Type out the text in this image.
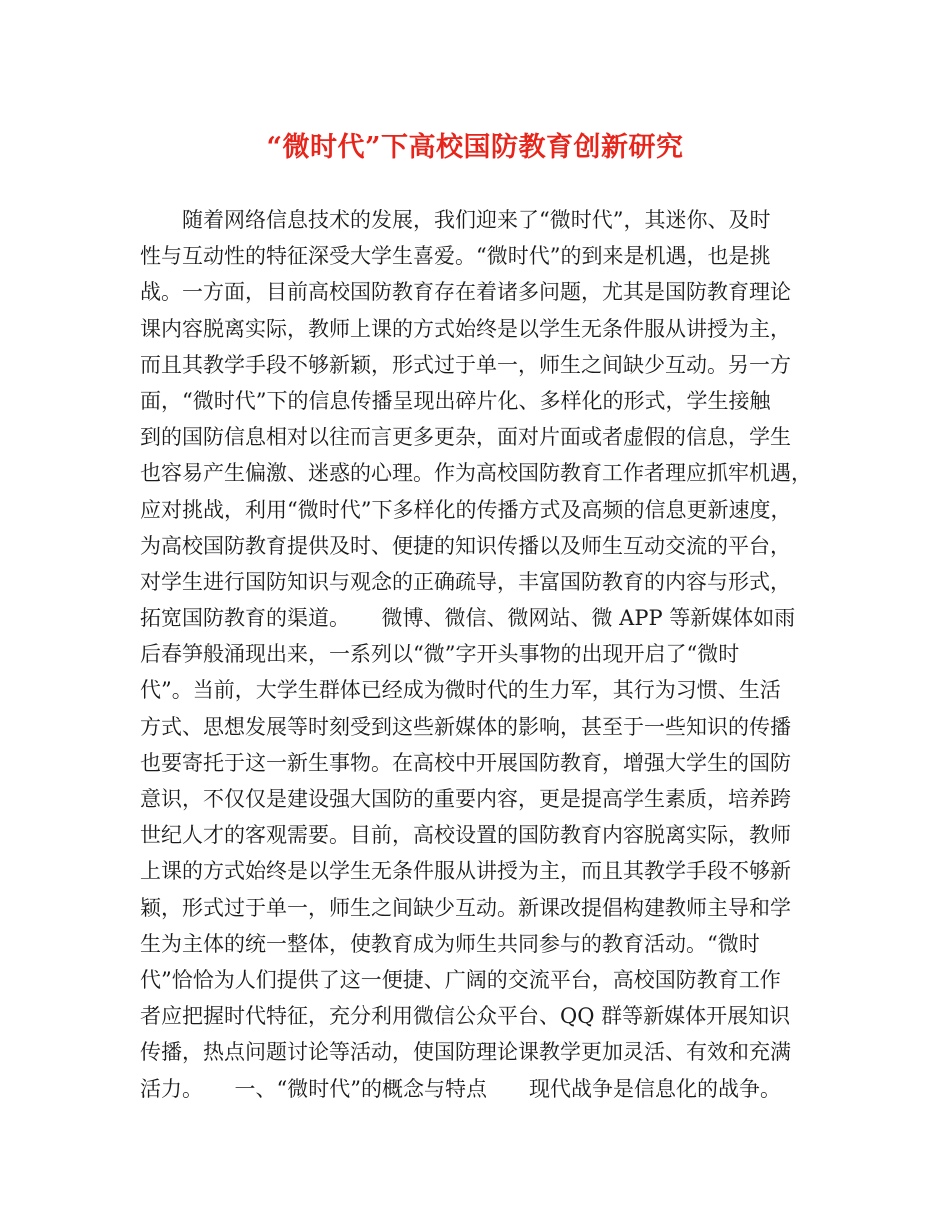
“微时代”下高校国防教育创新研究
随着网络信息技术的发展，我们迎来了“微时代”，其迷你、及时
性与互动性的特征深受大学生喜爱。“微时代”的到来是机遇，也是挑
战。一方面，目前高校国防教育存在着诸多问题，尤其是国防教育理论
课内容脱离实际，教师上课的方式始终是以学生无条件服从讲授为主，
而且其教学手段不够新颖，形式过于单一，师生之间缺少互动。另一方
面，“微时代”下的信息传播呈现出碎片化、多样化的形式，学生接触
到的国防信息相对以往而言更多更杂，面对片面或者虚假的信息，学生
也容易产生偏激、迷惑的心理。作为高校国防教育工作者理应抓牢机遇，
应对挑战，利用“微时代”下多样化的传播方式及高频的信息更新速度，
为高校国防教育提供及时、便捷的知识传播以及师生互动交流的平台，
对学生进行国防知识与观念的正确疏导，丰富国防教育的内容与形式，
拓宽国防教育的渠道。　　微博、微信、微网站、微 APP 等新媒体如雨
后春笋般涌现出来，一系列以“微”字开头事物的出现开启了“微时
代”。当前，大学生群体已经成为微时代的生力军，其行为习惯、生活
方式、思想发展等时刻受到这些新媒体的影响，甚至于一些知识的传播
也要寄托于这一新生事物。在高校中开展国防教育，增强大学生的国防
意识，不仅仅是建设强大国防的重要内容，更是提高学生素质，培养跨
世纪人才的客观需要。目前，高校设置的国防教育内容脱离实际，教师
上课的方式始终是以学生无条件服从讲授为主，而且其教学手段不够新
颖，形式过于单一，师生之间缺少互动。新课改提倡构建教师主导和学
生为主体的统一整体，使教育成为师生共同参与的教育活动。“微时
代”恰恰为人们提供了这一便捷、广阔的交流平台，高校国防教育工作
者应把握时代特征，充分利用微信公众平台、QQ 群等新媒体开展知识
传播，热点问题讨论等活动，使国防理论课教学更加灵活、有效和充满
活力。　　一、“微时代”的概念与特点　　现代战争是信息化的战争。
